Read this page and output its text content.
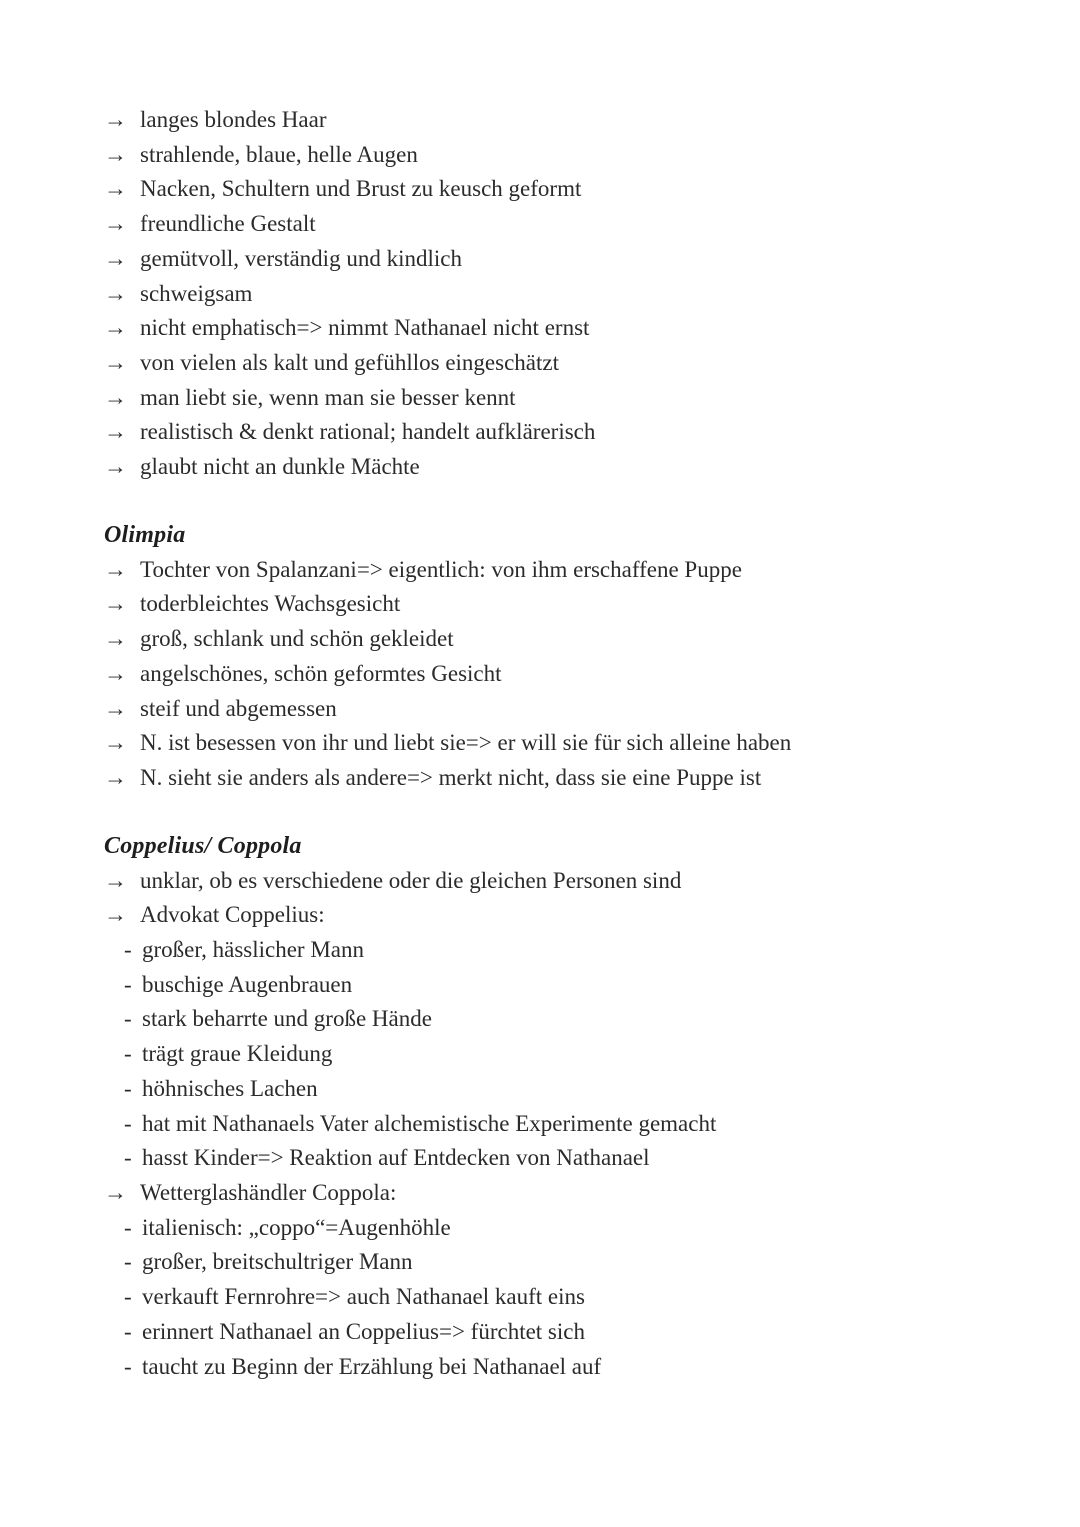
→ langes blondes Haar
→ strahlende, blaue, helle Augen
→ Nacken, Schultern und Brust zu keusch geformt
→ freundliche Gestalt
→ gemütvoll, verständig und kindlich
→ schweigsam
→ nicht emphatisch=> nimmt Nathanael nicht ernst
→ von vielen als kalt und gefühllos eingeschätzt
→ man liebt sie, wenn man sie besser kennt
→ realistisch & denkt rational; handelt aufklärerisch
→ glaubt nicht an dunkle Mächte
Olimpia
→ Tochter von Spalanzani=> eigentlich: von ihm erschaffene Puppe
→ toderbleichtes Wachsgesicht
→ groß, schlank und schön gekleidet
→ angelschönes, schön geformtes Gesicht
→ steif und abgemessen
→ N. ist besessen von ihr und liebt sie=> er will sie für sich alleine haben
→ N. sieht sie anders als andere=> merkt nicht, dass sie eine Puppe ist
Coppelius/ Coppola
→ unklar, ob es verschiedene oder die gleichen Personen sind
→ Advokat Coppelius:
- großer, hässlicher Mann
- buschige Augenbrauen
- stark beharrte und große Hände
- trägt graue Kleidung
- höhnisches Lachen
- hat mit Nathanaels Vater alchemistische Experimente gemacht
- hasst Kinder=> Reaktion auf Entdecken von Nathanael
→ Wetterglashändler Coppola:
- italienisch: „coppo“=Augenhöhle
- großer, breitschultriger Mann
- verkauft Fernrohre=> auch Nathanael kauft eins
- erinnert Nathanael an Coppelius=> fürchtet sich
- taucht zu Beginn der Erzählung bei Nathanael auf
